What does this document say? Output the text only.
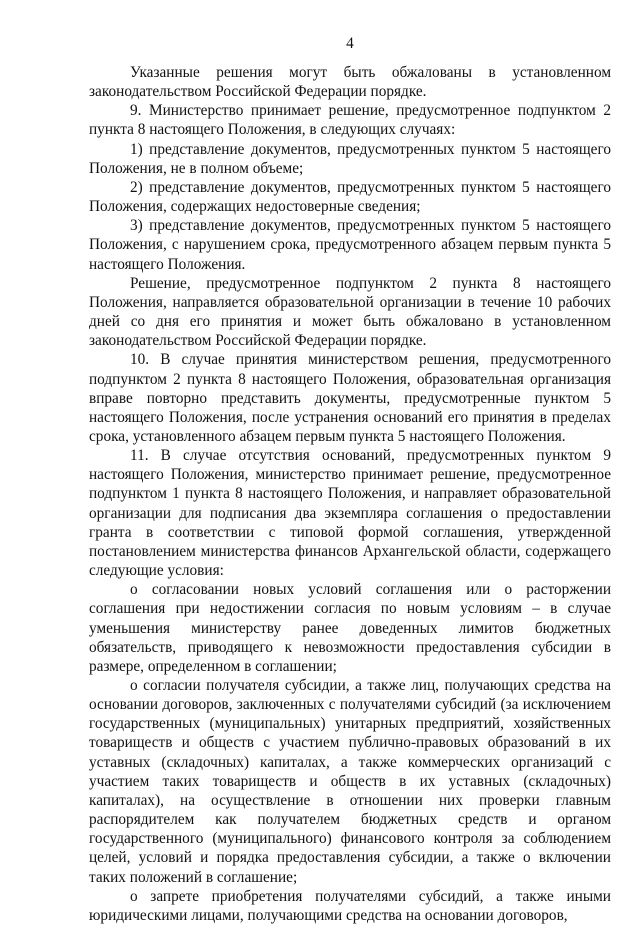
4

Указанные решения могут быть обжалованы в установленном законодательством Российской Федерации порядке.

9. Министерство принимает решение, предусмотренное подпунктом 2 пункта 8 настоящего Положения, в следующих случаях:

1) представление документов, предусмотренных пунктом 5 настоящего Положения, не в полном объеме;

2) представление документов, предусмотренных пунктом 5 настоящего Положения, содержащих недостоверные сведения;

3) представление документов, предусмотренных пунктом 5 настоящего Положения, с нарушением срока, предусмотренного абзацем первым пункта 5 настоящего Положения.

Решение, предусмотренное подпунктом 2 пункта 8 настоящего Положения, направляется образовательной организации в течение 10 рабочих дней со дня его принятия и может быть обжаловано в установленном законодательством Российской Федерации порядке.

10. В случае принятия министерством решения, предусмотренного подпунктом 2 пункта 8 настоящего Положения, образовательная организация вправе повторно представить документы, предусмотренные пунктом 5 настоящего Положения, после устранения оснований его принятия в пределах срока, установленного абзацем первым пункта 5 настоящего Положения.

11. В случае отсутствия оснований, предусмотренных пунктом 9 настоящего Положения, министерство принимает решение, предусмотренное подпунктом 1 пункта 8 настоящего Положения, и направляет образовательной организации для подписания два экземпляра соглашения о предоставлении гранта в соответствии с типовой формой соглашения, утвержденной постановлением министерства финансов Архангельской области, содержащего следующие условия:

о согласовании новых условий соглашения или о расторжении соглашения при недостижении согласия по новым условиям – в случае уменьшения министерству ранее доведенных лимитов бюджетных обязательств, приводящего к невозможности предоставления субсидии в размере, определенном в соглашении;

о согласии получателя субсидии, а также лиц, получающих средства на основании договоров, заключенных с получателями субсидий (за исключением государственных (муниципальных) унитарных предприятий, хозяйственных товариществ и обществ с участием публично-правовых образований в их уставных (складочных) капиталах, а также коммерческих организаций с участием таких товариществ и обществ в их уставных (складочных) капиталах), на осуществление в отношении них проверки главным распорядителем как получателем бюджетных средств и органом государственного (муниципального) финансового контроля за соблюдением целей, условий и порядка предоставления субсидии, а также о включении таких положений в соглашение;

о запрете приобретения получателями субсидий, а также иными юридическими лицами, получающими средства на основании договоров,
